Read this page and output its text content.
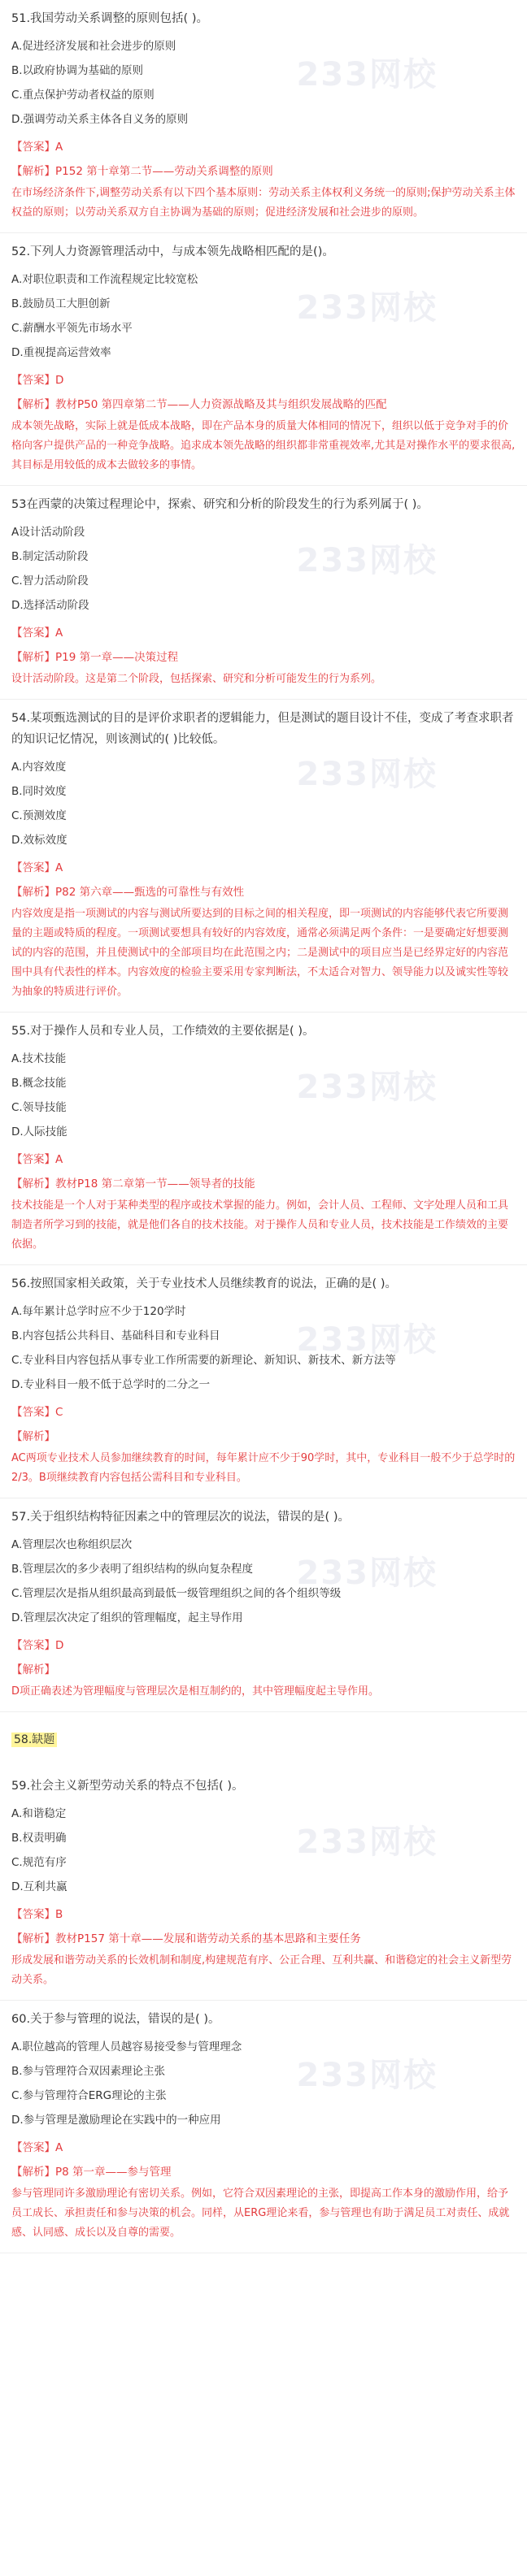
233网校
51.我国劳动关系调整的原则包括( )。
A.促进经济发展和社会进步的原则
B.以政府协调为基础的原则
C.重点保护劳动者权益的原则
D.强调劳动关系主体各自义务的原则
【答案】A
【解析】P152 第十章第二节——劳动关系调整的原则
在市场经济条件下,调整劳动关系有以下四个基本原则：劳动关系主体权利义务统一的原则;保护劳动关系主体权益的原则；以劳动关系双方自主协调为基础的原则；促进经济发展和社会进步的原则。
233网校
52.下列人力资源管理活动中，与成本领先战略相匹配的是()。
A.对职位职责和工作流程规定比较宽松
B.鼓励员工大胆创新
C.薪酬水平领先市场水平
D.重视提高运营效率
【答案】D
【解析】教材P50 第四章第二节——人力资源战略及其与组织发展战略的匹配
成本领先战略，实际上就是低成本战略，即在产品本身的质量大体相同的情况下，组织以低于竞争对手的价格向客户提供产品的一种竞争战略。追求成本领先战略的组织都非常重视效率,尤其是对操作水平的要求很高,其目标是用较低的成本去做较多的事情。
233网校
53在西蒙的决策过程理论中，探索、研究和分析的阶段发生的行为系列属于( )。
A设计活动阶段
B.制定活动阶段
C.智力活动阶段
D.选择活动阶段
【答案】A
【解析】P19 第一章——决策过程
设计活动阶段。这是第二个阶段，包括探索、研究和分析可能发生的行为系列。
233网校
54.某项甄选测试的目的是评价求职者的逻辑能力，但是测试的题目设计不佳，变成了考查求职者的知识记忆情况，则该测试的( )比较低。
A.内容效度
B.同时效度
C.预测效度
D.效标效度
【答案】A
【解析】P82 第六章——甄选的可靠性与有效性
内容效度是指一项测试的内容与测试所要达到的目标之间的相关程度，即一项测试的内容能够代表它所要测量的主题或特质的程度。一项测试要想具有较好的内容效度，通常必须满足两个条件：一是要确定好想要测试的内容的范围，并且使测试中的全部项目均在此范围之内；二是测试中的项目应当是已经界定好的内容范围中具有代表性的样本。内容效度的检验主要采用专家判断法，不太适合对智力、领导能力以及诚实性等较为抽象的特质进行评价。
233网校
55.对于操作人员和专业人员，工作绩效的主要依据是( )。
A.技术技能
B.概念技能
C.领导技能
D.人际技能
【答案】A
【解析】教材P18 第二章第一节——领导者的技能
技术技能是一个人对于某种类型的程序或技术掌握的能力。例如，会计人员、工程师、文字处理人员和工具制造者所学习到的技能，就是他们各自的技术技能。对于操作人员和专业人员，技术技能是工作绩效的主要依据。
233网校
56.按照国家相关政策，关于专业技术人员继续教育的说法，正确的是( )。
A.每年累计总学时应不少于120学时
B.内容包括公共科目、基础科目和专业科目
C.专业科目内容包括从事专业工作所需要的新理论、新知识、新技术、新方法等
D.专业科目一般不低于总学时的二分之一
【答案】C
【解析】
AC两项专业技术人员参加继续教育的时间，每年累计应不少于90学时，其中，专业科目一般不少于总学时的2/3。B项继续教育内容包括公需科目和专业科目。
233网校
57.关于组织结构特征因素之中的管理层次的说法，错误的是( )。
A.管理层次也称组织层次
B.管理层次的多少表明了组织结构的纵向复杂程度
C.管理层次是指从组织最高到最低一级管理组织之间的各个组织等级
D.管理层次决定了组织的管理幅度，起主导作用
【答案】D
【解析】
D项正确表述为管理幅度与管理层次是相互制约的，其中管理幅度起主导作用。
58.缺题
233网校
59.社会主义新型劳动关系的特点不包括( )。
A.和谐稳定
B.权责明确
C.规范有序
D.互利共赢
【答案】B
【解析】教材P157 第十章——发展和谐劳动关系的基本思路和主要任务
形成发展和谐劳动关系的长效机制和制度,构建规范有序、公正合理、互利共赢、和谐稳定的社会主义新型劳动关系。
233网校
60.关于参与管理的说法，错误的是( )。
A.职位越高的管理人员越容易接受参与管理理念
B.参与管理符合双因素理论主张
C.参与管理符合ERG理论的主张
D.参与管理是激励理论在实践中的一种应用
【答案】A
【解析】P8 第一章——参与管理
参与管理同许多激励理论有密切关系。例如，它符合双因素理论的主张，即提高工作本身的激励作用，给予员工成长、承担责任和参与决策的机会。同样，从ERG理论来看，参与管理也有助于满足员工对责任、成就感、认同感、成长以及自尊的需要。
